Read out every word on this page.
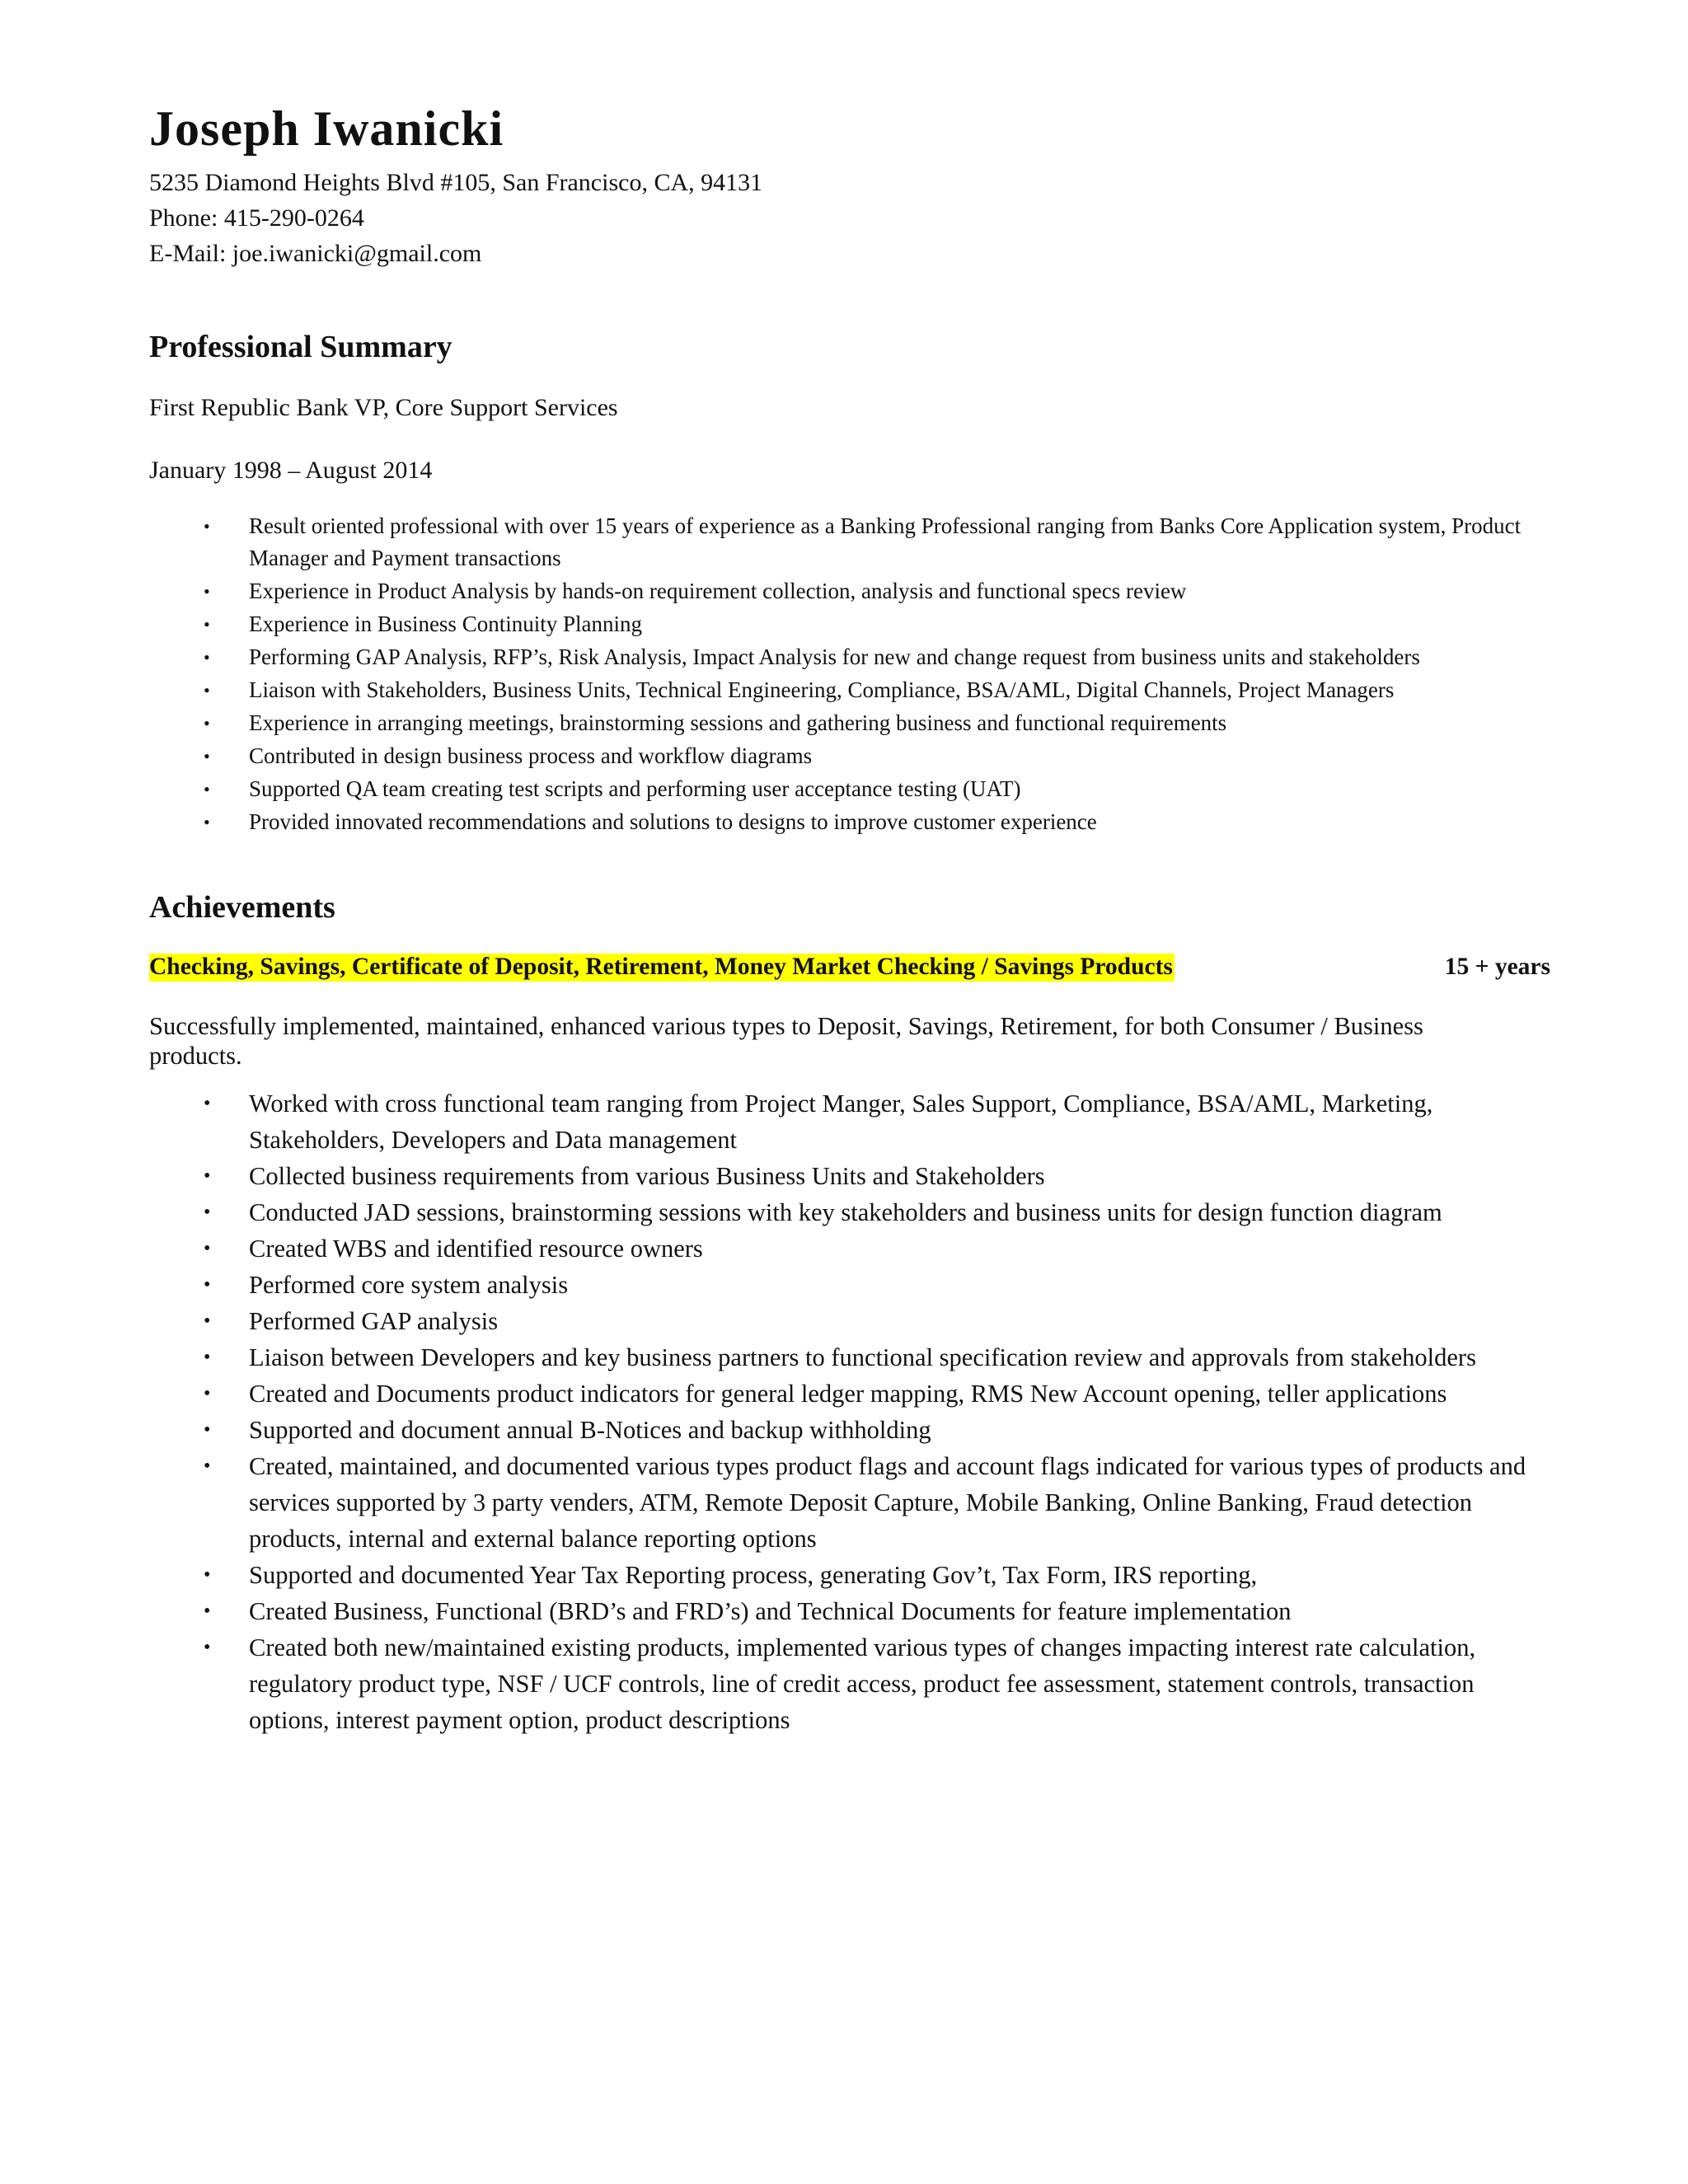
Joseph Iwanicki

5235 Diamond Heights Blvd #105, San Francisco, CA, 94131

Phone: 415-290-0264

E-Mail: joe.iwanicki@gmail.com

Professional Summary

First Republic Bank VP, Core Support Services

January 1998 – August 2014

• Result oriented professional with over 15 years of experience as a Banking Professional ranging from Banks Core Application system, Product Manager and Payment transactions
• Experience in Product Analysis by hands-on requirement collection, analysis and functional specs review
• Experience in Business Continuity Planning
• Performing GAP Analysis, RFP’s, Risk Analysis, Impact Analysis for new and change request from business units and stakeholders
• Liaison with Stakeholders, Business Units, Technical Engineering, Compliance, BSA/AML, Digital Channels, Project Managers
• Experience in arranging meetings, brainstorming sessions and gathering business and functional requirements
• Contributed in design business process and workflow diagrams
• Supported QA team creating test scripts and performing user acceptance testing (UAT)
• Provided innovated recommendations and solutions to designs to improve customer experience
Achievements
Checking, Savings, Certificate of Deposit, Retirement, Money Market Checking / Savings Products	15 + years

Successfully implemented, maintained, enhanced various types to Deposit, Savings, Retirement, for both Consumer / Business products.

• Worked with cross functional team ranging from Project Manger, Sales Support, Compliance, BSA/AML, Marketing, Stakeholders, Developers and Data management
• Collected business requirements from various Business Units and Stakeholders
• Conducted JAD sessions, brainstorming sessions with key stakeholders and business units for design function diagram
• Created WBS and identified resource owners
• Performed core system analysis
• Performed GAP analysis
• Liaison between Developers and key business partners to functional specification review and approvals from stakeholders
• Created and Documents product indicators for general ledger mapping, RMS New Account opening, teller applications
• Supported and document annual B-Notices and backup withholding
• Created, maintained, and documented various types product flags and account flags indicated for various types of products and services supported by 3 party venders, ATM, Remote Deposit Capture, Mobile Banking, Online Banking, Fraud detection products, internal and external balance reporting options
• Supported and documented Year Tax Reporting process, generating Gov’t, Tax Form, IRS reporting,
• Created Business, Functional (BRD’s and FRD’s) and Technical Documents for feature implementation
• Created both new/maintained existing products, implemented various types of changes impacting interest rate calculation, regulatory product type, NSF / UCF controls, line of credit access, product fee assessment, statement controls, transaction options, interest payment option, product descriptions
